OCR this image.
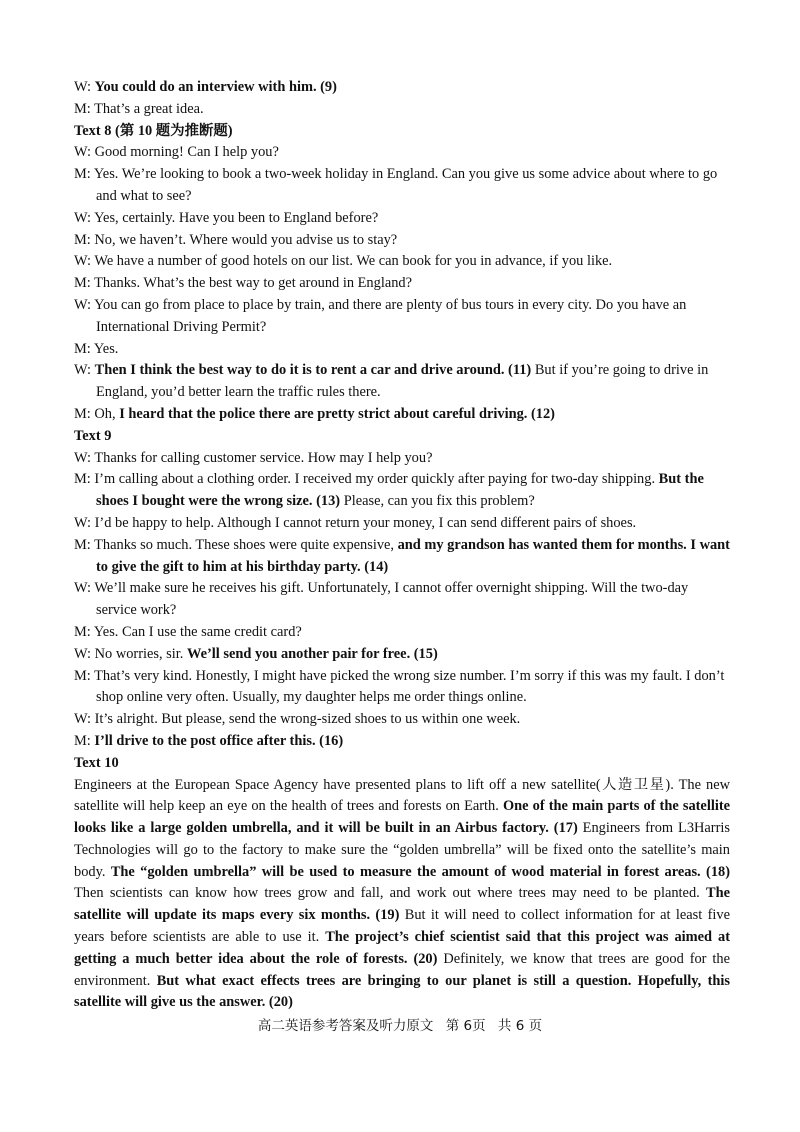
W: You could do an interview with him. (9)

M: That’s a great idea.

Text 8 (第 10 题为推断题)

W: Good morning! Can I help you?

M: Yes. We’re looking to book a two-week holiday in England. Can you give us some advice about where to go and what to see?

W: Yes, certainly. Have you been to England before?

M: No, we haven’t. Where would you advise us to stay?

W: We have a number of good hotels on our list. We can book for you in advance, if you like.

M: Thanks. What’s the best way to get around in England?

W: You can go from place to place by train, and there are plenty of bus tours in every city. Do you have an International Driving Permit?

M: Yes.

W: Then I think the best way to do it is to rent a car and drive around. (11) But if you’re going to drive in England, you’d better learn the traffic rules there.

M: Oh, I heard that the police there are pretty strict about careful driving. (12)

Text 9

W: Thanks for calling customer service. How may I help you?

M: I’m calling about a clothing order. I received my order quickly after paying for two-day shipping. But the shoes I bought were the wrong size. (13) Please, can you fix this problem?

W: I’d be happy to help. Although I cannot return your money, I can send different pairs of shoes.

M: Thanks so much. These shoes were quite expensive, and my grandson has wanted them for months. I want to give the gift to him at his birthday party. (14)

W: We’ll make sure he receives his gift. Unfortunately, I cannot offer overnight shipping. Will the two-day service work?

M: Yes. Can I use the same credit card?

W: No worries, sir. We’ll send you another pair for free. (15)

M: That’s very kind. Honestly, I might have picked the wrong size number. I’m sorry if this was my fault. I don’t shop online very often. Usually, my daughter helps me order things online.

W: It’s alright. But please, send the wrong-sized shoes to us within one week.

M: I’ll drive to the post office after this. (16)

Text 10

Engineers at the European Space Agency have presented plans to lift off a new satellite(人造卫星). The new satellite will help keep an eye on the health of trees and forests on Earth. One of the main parts of the satellite looks like a large golden umbrella, and it will be built in an Airbus factory. (17) Engineers from L3Harris Technologies will go to the factory to make sure the “golden umbrella” will be fixed onto the satellite’s main body. The “golden umbrella” will be used to measure the amount of wood material in forest areas. (18) Then scientists can know how trees grow and fall, and work out where trees may need to be planted. The satellite will update its maps every six months. (19) But it will need to collect information for at least five years before scientists are able to use it. The project’s chief scientist said that this project was aimed at getting a much better idea about the role of forests. (20) Definitely, we know that trees are good for the environment. But what exact effects trees are bringing to our planet is still a question. Hopefully, this satellite will give us the answer. (20)

高二英语参考答案及听力原文 第 6页 共 6 页
